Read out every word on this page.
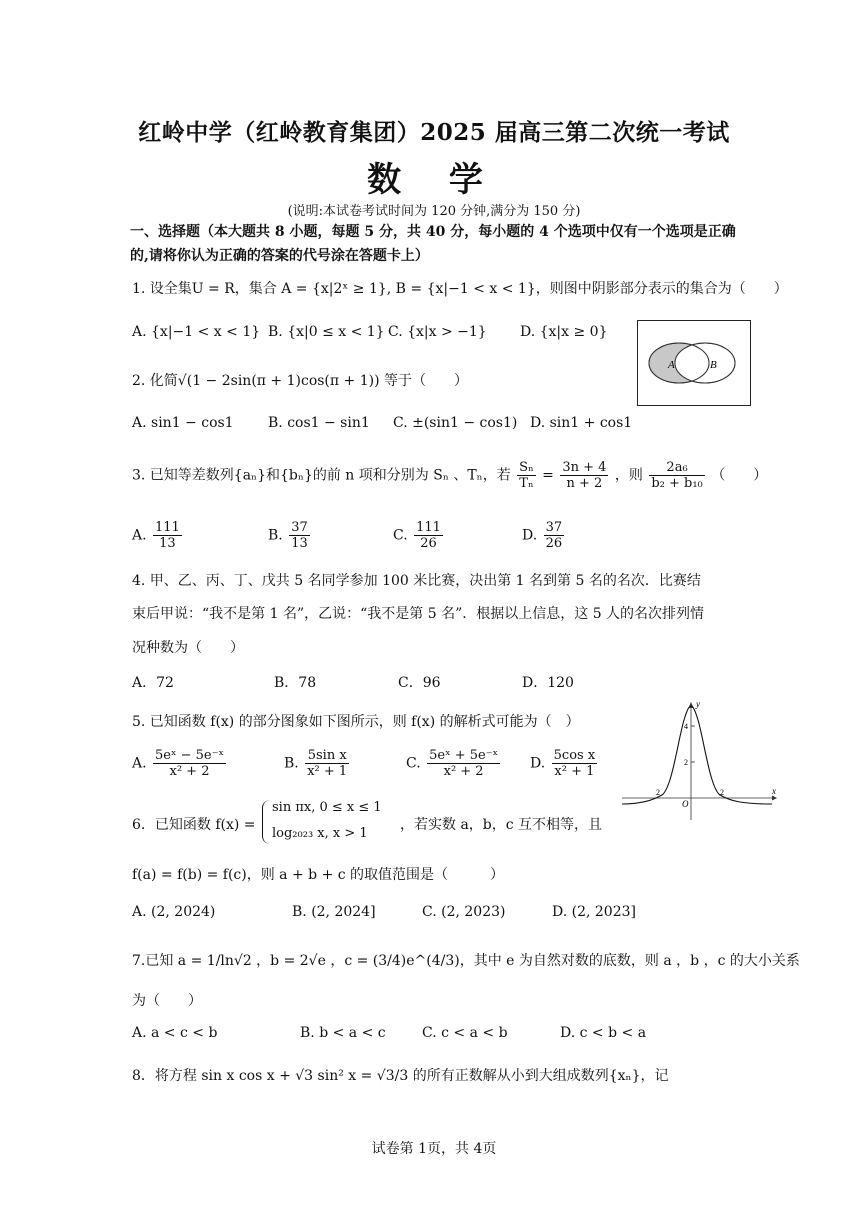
红岭中学（红岭教育集团）2025 届高三第二次统一考试
数 学
(说明:本试卷考试时间为 120 分钟,满分为 150 分)
一、选择题（本大题共 8 小题，每题 5 分，共 40 分，每小题的 4 个选项中仅有一个选项是正确的,请将你认为正确的答案的代号涂在答题卡上）
1. 设全集U = R，集合 A = {x|2ˣ ≥ 1}, B = {x|−1 < x < 1}，则图中阴影部分表示的集合为（　　）
A. {x|−1 < x < 1} B. {x|0 ≤ x < 1} C. {x|x > −1} D. {x|x ≥ 0}
A	B
2. 化简√(1 − 2sin(π + 1)cos(π + 1)) 等于（　　）
A. sin1 − cos1 B. cos1 − sin1 C. ±(sin1 − cos1) D. sin1 + cos1
3. 已知等差数列{aₙ}和{bₙ}的前 n 项和分别为 Sₙ 、Tₙ，若 $\frac{\text{Sₙ}}{\text{Tₙ}} = \frac{3n + 4}{n + 2}$ ，则 $\frac{\text{2a₆}}{\text{b₂ + b₁₀}}$ （　　）
A. $\frac{111}{13}$	B. $\frac{37}{13}$	C. $\frac{111}{26}$	D. $\frac{37}{26}$
4. 甲、乙、丙、丁、戊共 5 名同学参加 100 米比赛，决出第 1 名到第 5 名的名次．比赛结
束后甲说：“我不是第 1 名”，乙说：“我不是第 5 名”．根据以上信息，这 5 人的名次排列情
况种数为（　　）
A．72	B．78	C．96	D．120
5. 已知函数 f(x) 的部分图象如下图所示，则 f(x) 的解析式可能为（　）
A. $\frac{\text{5eˣ − 5e⁻ˣ}}{\text{x² + 2}}$	B. $\frac{\text{5sin x}}{\text{x² + 1}}$	C. $\frac{\text{5eˣ + 5e⁻ˣ}}{\text{x² + 2}} D$. $\frac{\text{5cos x}}{\text{x² + 1}}$
y
x
O
4
2
2	2
6．已知函数 f(x) =
sin πx, 0 ≤ x ≤ 1
log₂₀₂₃ x, x > 1
，若实数 a，b，c 互不相等，且
f(a) = f(b) = f(c)，则 a + b + c 的取值范围是（　　　）
A. (2, 2024)	B. (2, 2024]	C. (2, 2023)	D. (2, 2023]
7.已知 a = 1/ln√2 ，b = 2√e ，c = (3/4)e^(4/3)，其中 e 为自然对数的底数，则 a ，b ，c 的大小关系
为（　　）
A. a < c < b	B. b < a < c	C. c < a < b	D. c < b < a
8．将方程 sin x cos x + √3 sin² x = √3/3 的所有正数解从小到大组成数列{xₙ}，记
试卷第 1页，共 4页
